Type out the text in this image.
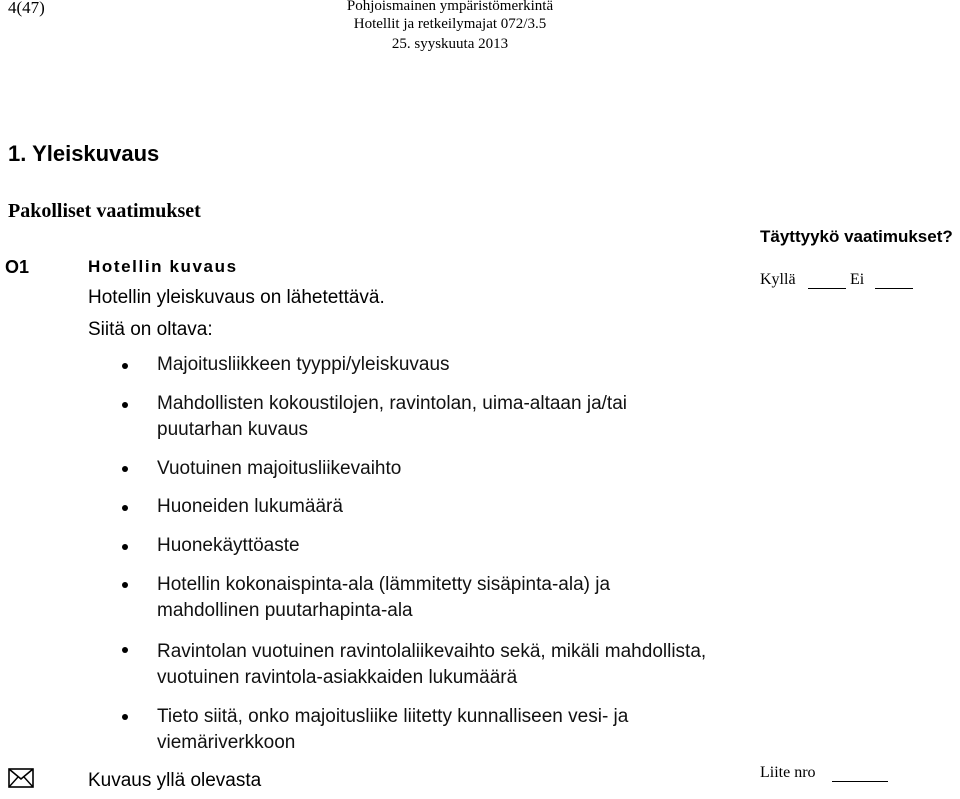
4(47)	Pohjoismainen ympäristömerkintä
Hotellit ja retkeilymajat 072/3.5
25. syyskuuta 2013
1. Yleiskuvaus
Pakolliset vaatimukset
O1	Hotellin kuvaus
Hotellin yleiskuvaus on lähetettävä.
Siitä on oltava:
Majoitusliikkeen tyyppi/yleiskuvaus
Mahdollisten kokoustilojen, ravintolan, uima-altaan ja/tai puutarhan kuvaus
Vuotuinen majoitusliikevaihto
Huoneiden lukumäärä
Huonekäyttöaste
Hotellin kokonaispinta-ala (lämmitetty sisäpinta-ala) ja mahdollinen puutarhapinta-ala
Ravintolan vuotuinen ravintolaliikevaihto sekä, mikäli mahdollista, vuotuinen ravintola-asiakkaiden lukumäärä
Tieto siitä, onko majoitusliike liitetty kunnalliseen vesi- ja viemäriverkkoon
Täyttyykö vaatimukset?
Kyllä	Ei
Kuvaus yllä olevasta	Liite nro
